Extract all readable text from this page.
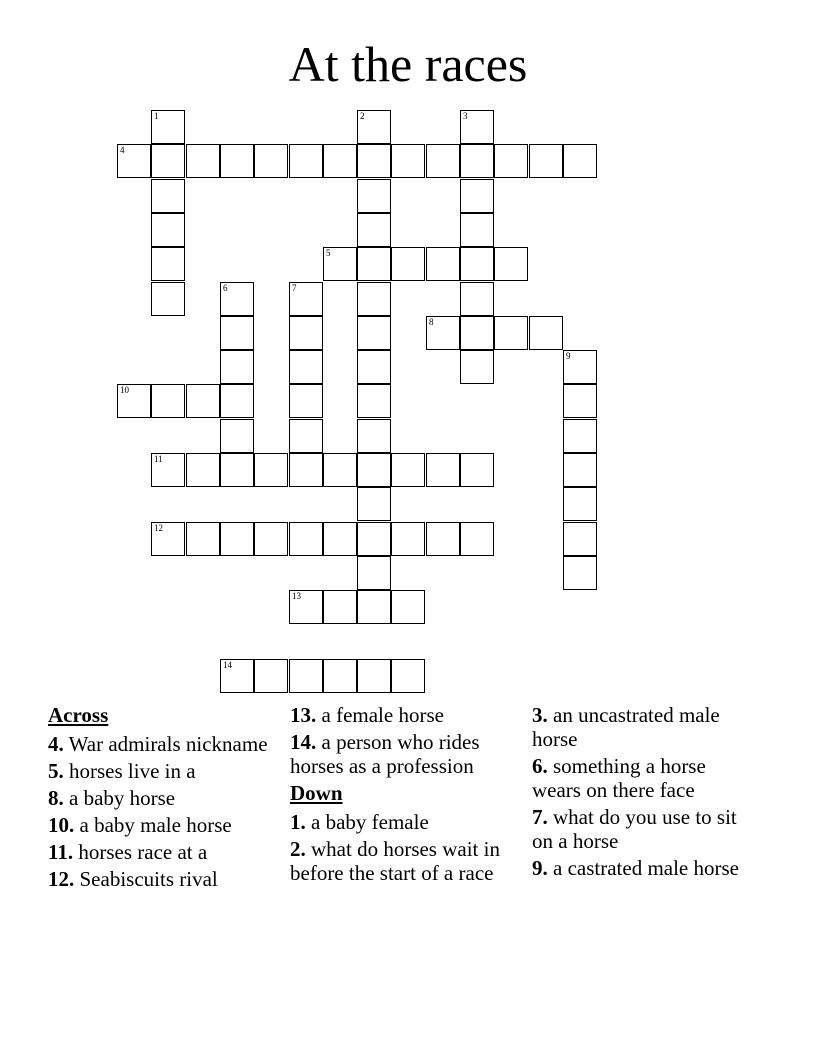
At the races
1	2	3
4
5
6	7
8
9
10
11
12
13
14
Across
4. War admirals nickname
5. horses live in a
8. a baby horse
10. a baby male horse
11. horses race at a
12. Seabiscuits rival
13. a female horse
14. a person who rides horses as a profession
Down
1. a baby female
2. what do horses wait in before the start of a race
3. an uncastrated male horse
6. something a horse wears on there face
7. what do you use to sit on a horse
9. a castrated male horse
